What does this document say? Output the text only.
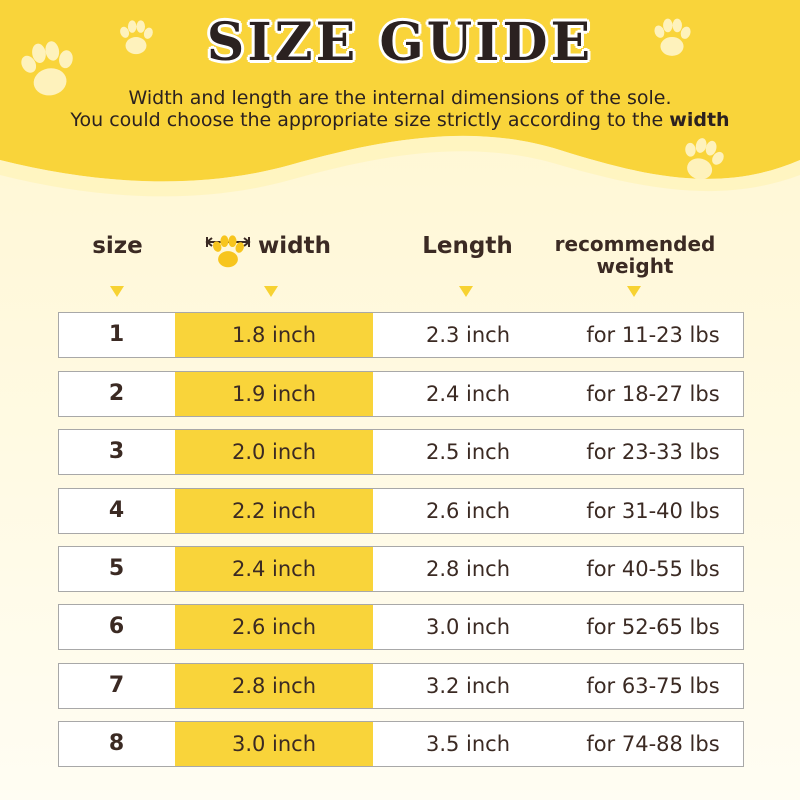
SIZE GUIDE
Width and length are the internal dimensions of the sole.
You could choose the appropriate size strictly according to the width
size	width	Length	recommended
weight
1	1.8 inch	2.3 inch	for 11-23 lbs
2	1.9 inch	2.4 inch	for 18-27 lbs
3	2.0 inch	2.5 inch	for 23-33 lbs
4	2.2 inch	2.6 inch	for 31-40 lbs
5	2.4 inch	2.8 inch	for 40-55 lbs
6	2.6 inch	3.0 inch	for 52-65 lbs
7	2.8 inch	3.2 inch	for 63-75 lbs
8	3.0 inch	3.5 inch	for 74-88 lbs
